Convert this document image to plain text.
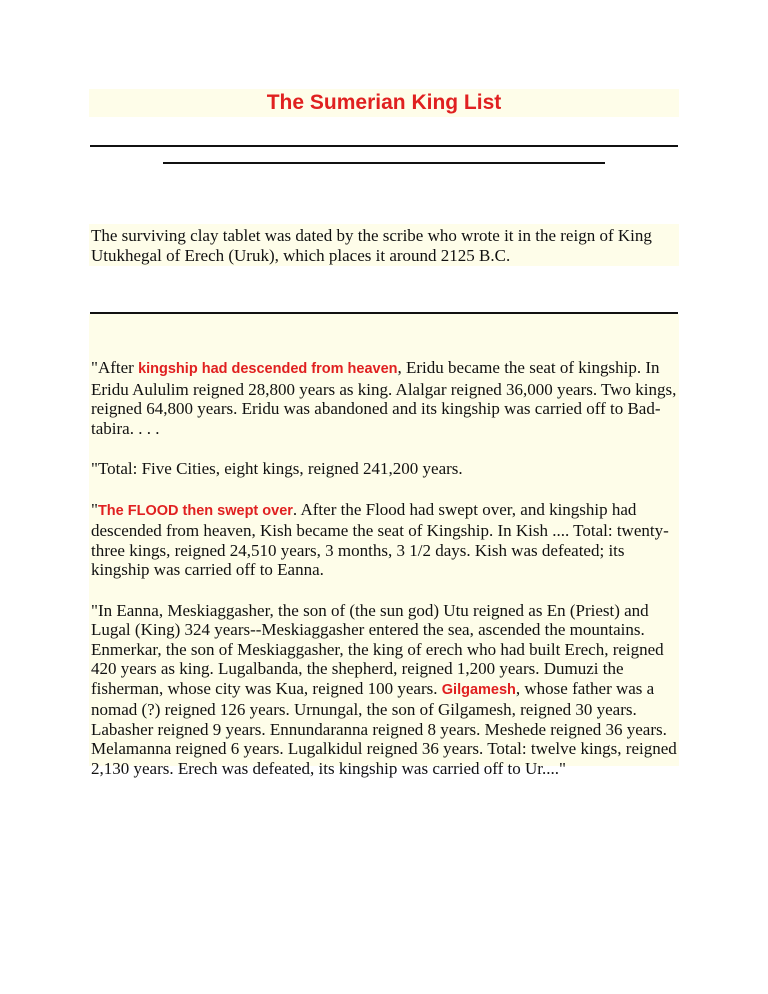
The Sumerian King List

The surviving clay tablet was dated by the scribe who wrote it in the reign of King Utukhegal of Erech (Uruk), which places it around 2125 B.C.

"After kingship had descended from heaven, Eridu became the seat of kingship. In Eridu Aululim reigned 28,800 years as king. Alalgar reigned 36,000 years. Two kings, reigned 64,800 years. Eridu was abandoned and its kingship was carried off to Bad-tabira. . . .

"Total: Five Cities, eight kings, reigned 241,200 years.

"The FLOOD then swept over. After the Flood had swept over, and kingship had descended from heaven, Kish became the seat of Kingship. In Kish .... Total: twenty-three kings, reigned 24,510 years, 3 months, 3 1/2 days. Kish was defeated; its kingship was carried off to Eanna.

"In Eanna, Meskiaggasher, the son of (the sun god) Utu reigned as En (Priest) and Lugal (King) 324 years--Meskiaggasher entered the sea, ascended the mountains. Enmerkar, the son of Meskiaggasher, the king of erech who had built Erech, reigned 420 years as king. Lugalbanda, the shepherd, reigned 1,200 years. Dumuzi the fisherman, whose city was Kua, reigned 100 years. Gilgamesh, whose father was a nomad (?) reigned 126 years. Urnungal, the son of Gilgamesh, reigned 30 years. Labasher reigned 9 years. Ennundaranna reigned 8 years. Meshede reigned 36 years. Melamanna reigned 6 years. Lugalkidul reigned 36 years. Total: twelve kings, reigned 2,130 years. Erech was defeated, its kingship was carried off to Ur...."
